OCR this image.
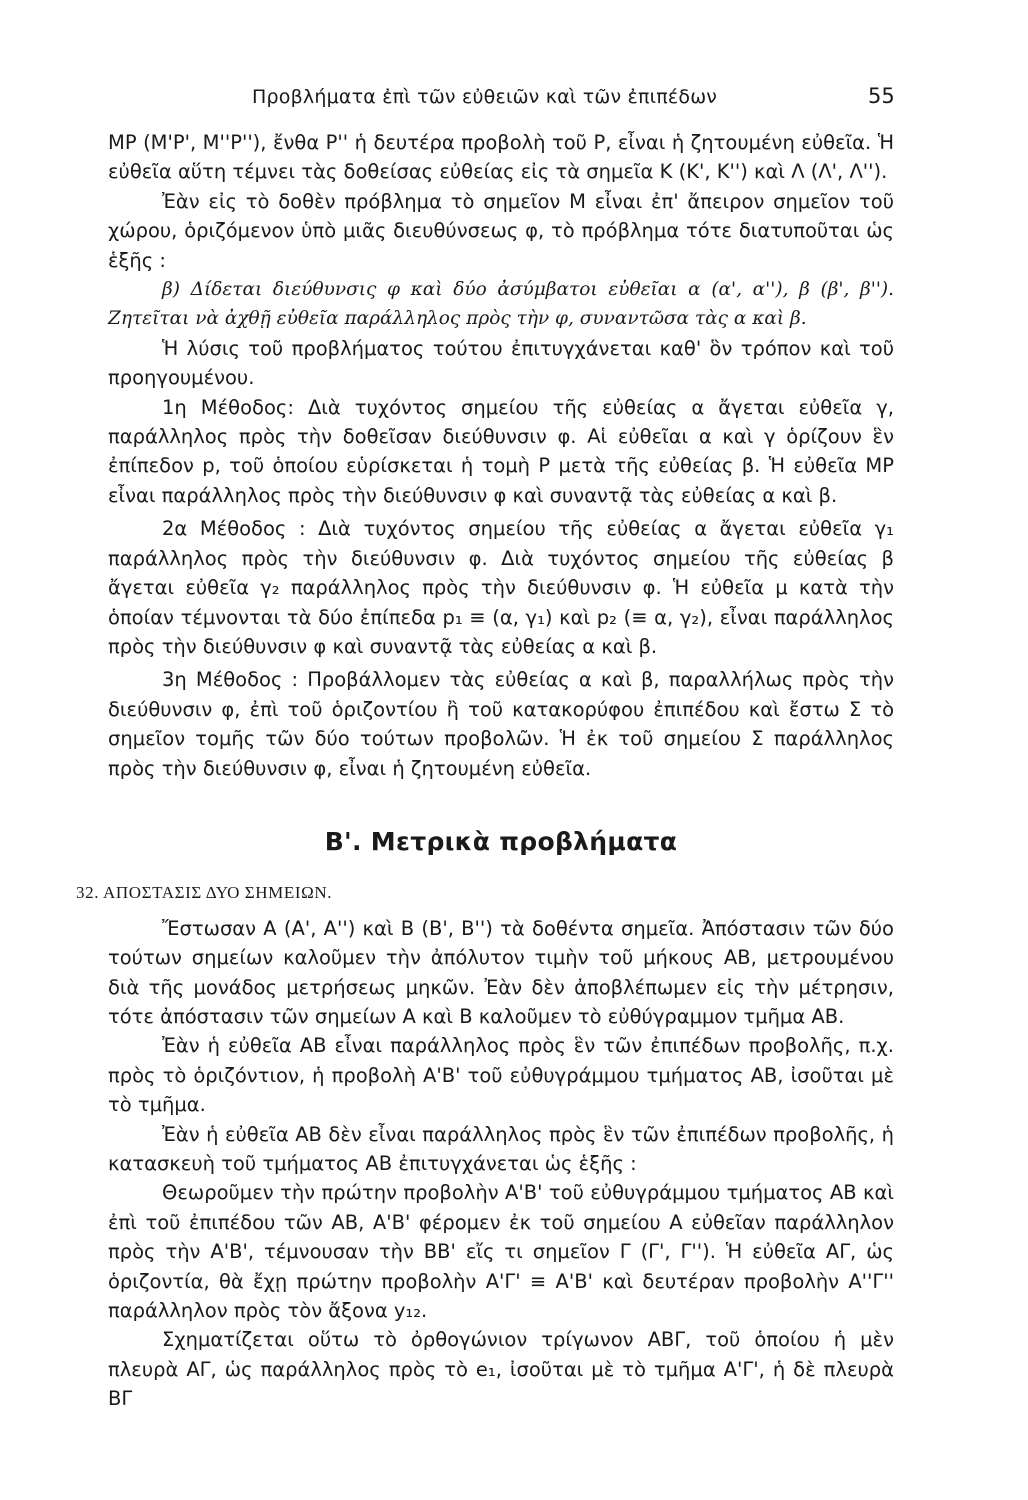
Προβλήματα ἐπὶ τῶν εὐθειῶν καὶ τῶν ἐπιπέδων	55

MP (M'P', M''P''), ἔνθα P'' ἡ δευτέρα προβολὴ τοῦ P, εἶναι ἡ ζητουμένη εὐθεῖα. Ἡ εὐθεῖα αὕτη τέμνει τὰς δοθείσας εὐθείας εἰς τὰ σημεῖα K (K', K'') καὶ Λ (Λ', Λ'').

Ἐὰν εἰς τὸ δοθὲν πρόβλημα τὸ σημεῖον M εἶναι ἐπ' ἄπειρον σημεῖον τοῦ χώρου, ὁριζόμενον ὑπὸ μιᾶς διευθύνσεως φ, τὸ πρόβλημα τότε διατυποῦται ὡς ἑξῆς :

β) Δίδεται διεύθυνσις φ καὶ δύο ἀσύμβατοι εὐθεῖαι α (α', α''), β (β', β''). Ζητεῖται νὰ ἀχθῇ εὐθεῖα παράλληλος πρὸς τὴν φ, συναντῶσα τὰς α καὶ β.

Ἡ λύσις τοῦ προβλήματος τούτου ἐπιτυγχάνεται καθ' ὃν τρόπον καὶ τοῦ προηγουμένου.

1η Μέθοδος: Διὰ τυχόντος σημείου τῆς εὐθείας α ἄγεται εὐθεῖα γ, παράλληλος πρὸς τὴν δοθεῖσαν διεύθυνσιν φ. Αἱ εὐθεῖαι α καὶ γ ὁρίζουν ἓν ἐπίπεδον p, τοῦ ὁποίου εὑρίσκεται ἡ τομὴ P μετὰ τῆς εὐθείας β. Ἡ εὐθεῖα MP εἶναι παράλληλος πρὸς τὴν διεύθυνσιν φ καὶ συναντᾷ τὰς εὐθείας α καὶ β.

2α Μέθοδος : Διὰ τυχόντος σημείου τῆς εὐθείας α ἄγεται εὐθεῖα γ₁ παράλληλος πρὸς τὴν διεύθυνσιν φ. Διὰ τυχόντος σημείου τῆς εὐθείας β ἄγεται εὐθεῖα γ₂ παράλληλος πρὸς τὴν διεύθυνσιν φ. Ἡ εὐθεῖα μ κατὰ τὴν ὁποίαν τέμνονται τὰ δύο ἐπίπεδα p₁ ≡ (α, γ₁) καὶ p₂ (≡ α, γ₂), εἶναι παράλληλος πρὸς τὴν διεύθυνσιν φ καὶ συναντᾷ τὰς εὐθείας α καὶ β.

3η Μέθοδος : Προβάλλομεν τὰς εὐθείας α καὶ β, παραλλήλως πρὸς τὴν διεύθυνσιν φ, ἐπὶ τοῦ ὁριζοντίου ἢ τοῦ κατακορύφου ἐπιπέδου καὶ ἔστω Σ τὸ σημεῖον τομῆς τῶν δύο τούτων προβολῶν. Ἡ ἐκ τοῦ σημείου Σ παράλληλος πρὸς τὴν διεύθυνσιν φ, εἶναι ἡ ζητουμένη εὐθεῖα.

Β'. Μετρικὰ προβλήματα
32. ΑΠΟΣΤΑΣΙΣ ΔΥΟ ΣΗΜΕΙΩΝ.

Ἔστωσαν A (A', A'') καὶ B (B', B'') τὰ δοθέντα σημεῖα. Ἀπόστασιν τῶν δύο τούτων σημείων καλοῦμεν τὴν ἀπόλυτον τιμὴν τοῦ μήκους AB, μετρουμένου διὰ τῆς μονάδος μετρήσεως μηκῶν. Ἐὰν δὲν ἀποβλέπωμεν εἰς τὴν μέτρησιν, τότε ἀπόστασιν τῶν σημείων A καὶ B καλοῦμεν τὸ εὐθύγραμμον τμῆμα AB.

Ἐὰν ἡ εὐθεῖα AB εἶναι παράλληλος πρὸς ἓν τῶν ἐπιπέδων προβολῆς, π.χ. πρὸς τὸ ὁριζόντιον, ἡ προβολὴ A'B' τοῦ εὐθυγράμμου τμήματος AB, ἰσοῦται μὲ τὸ τμῆμα.

Ἐὰν ἡ εὐθεῖα AB δὲν εἶναι παράλληλος πρὸς ἓν τῶν ἐπιπέδων προβολῆς, ἡ κατασκευὴ τοῦ τμήματος AB ἐπιτυγχάνεται ὡς ἑξῆς :

Θεωροῦμεν τὴν πρώτην προβολὴν A'B' τοῦ εὐθυγράμμου τμήματος AB καὶ ἐπὶ τοῦ ἐπιπέδου τῶν AB, A'B' φέρομεν ἐκ τοῦ σημείου A εὐθεῖαν παράλληλον πρὸς τὴν A'B', τέμνουσαν τὴν BB' εἴς τι σημεῖον Γ (Γ', Γ''). Ἡ εὐθεῖα AΓ, ὡς ὁριζοντία, θὰ ἔχῃ πρώτην προβολὴν A'Γ' ≡ A'B' καὶ δευτέραν προβολὴν A''Γ'' παράλληλον πρὸς τὸν ἄξονα y₁₂.

Σχηματίζεται οὕτω τὸ ὀρθογώνιον τρίγωνον ABΓ, τοῦ ὁποίου ἡ μὲν πλευρὰ AΓ, ὡς παράλληλος πρὸς τὸ e₁, ἰσοῦται μὲ τὸ τμῆμα A'Γ', ἡ δὲ πλευρὰ BΓ
